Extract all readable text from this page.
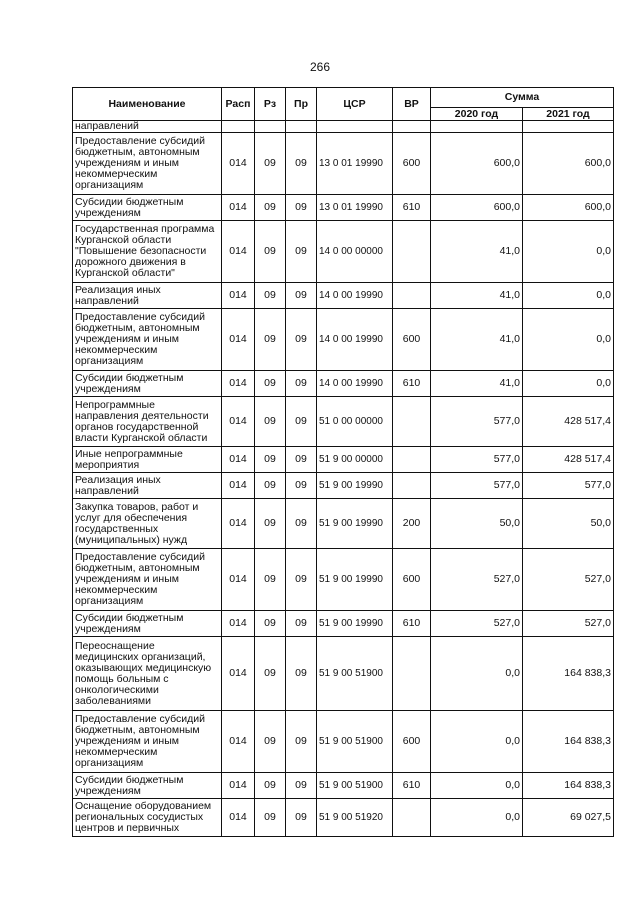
266
Наименование	Расп	Рз	Пр	ЦСР	ВР	Сумма	
						2020 год	2021 год
направлений							
Предоставление субсидий бюджетным, автономным учреждениям и иным некоммерческим организациям	014	09	09	13 0 01 19990	600	600,0	600,0
Субсидии бюджетным учреждениям	014	09	09	13 0 01 19990	610	600,0	600,0
Государственная программа Курганской области "Повышение безопасности дорожного движения в Курганской области"	014	09	09	14 0 00 00000		41,0	0,0
Реализация иных направлений	014	09	09	14 0 00 19990		41,0	0,0
Предоставление субсидий бюджетным, автономным учреждениям и иным некоммерческим организациям	014	09	09	14 0 00 19990	600	41,0	0,0
Субсидии бюджетным учреждениям	014	09	09	14 0 00 19990	610	41,0	0,0
Непрограммные направления деятельности органов государственной власти Курганской области	014	09	09	51 0 00 00000		577,0	428 517,4
Иные непрограммные мероприятия	014	09	09	51 9 00 00000		577,0	428 517,4
Реализация иных направлений	014	09	09	51 9 00 19990		577,0	577,0
Закупка товаров, работ и услуг для обеспечения государственных (муниципальных) нужд	014	09	09	51 9 00 19990	200	50,0	50,0
Предоставление субсидий бюджетным, автономным учреждениям и иным некоммерческим организациям	014	09	09	51 9 00 19990	600	527,0	527,0
Субсидии бюджетным учреждениям	014	09	09	51 9 00 19990	610	527,0	527,0
Переоснащение медицинских организаций, оказывающих медицинскую помощь больным с онкологическими заболеваниями	014	09	09	51 9 00 51900		0,0	164 838,3
Предоставление субсидий бюджетным, автономным учреждениям и иным некоммерческим организациям	014	09	09	51 9 00 51900	600	0,0	164 838,3
Субсидии бюджетным учреждениям	014	09	09	51 9 00 51900	610	0,0	164 838,3
Оснащение оборудованием региональных сосудистых центров и первичных	014	09	09	51 9 00 51920		0,0	69 027,5
